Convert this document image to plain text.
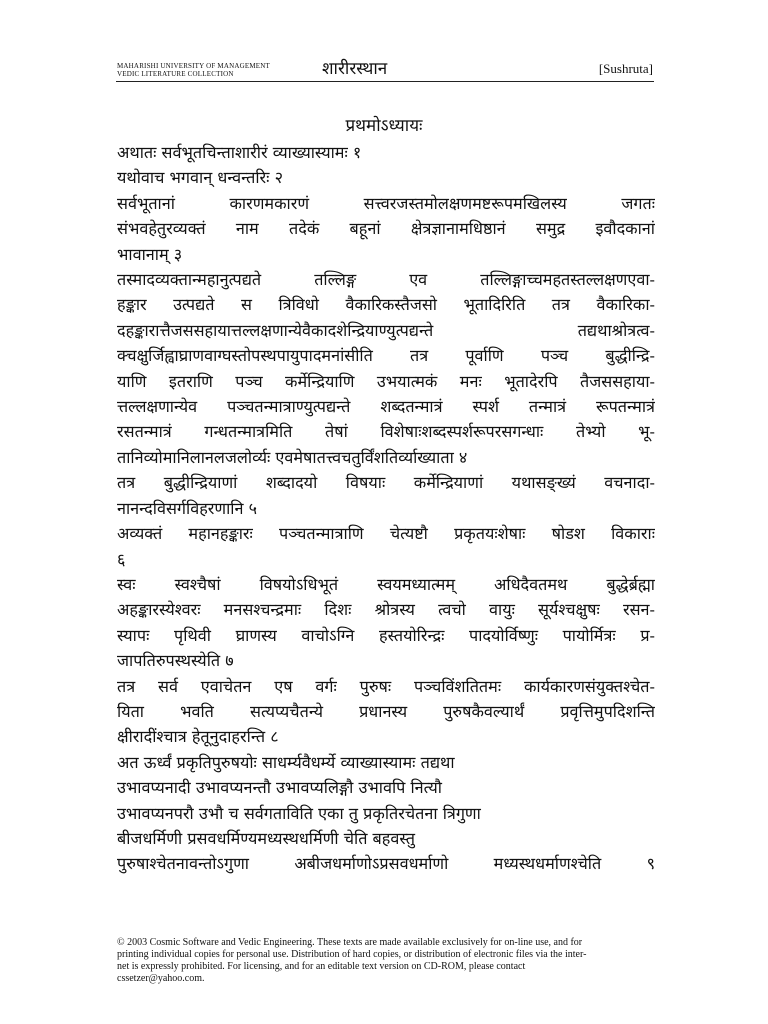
MAHARISHI UNIVERSITY OF MANAGEMENT
VEDIC LITERATURE COLLECTION	शारीरस्थान	[Sushruta]
प्रथमोऽध्यायः
अथातः सर्वभूतचिन्ताशारीरं व्याख्यास्यामः १
यथोवाच भगवान् धन्वन्तरिः २
सर्वभूतानां कारणमकारणं सत्त्वरजस्तमोलक्षणमष्टरूपमखिलस्य जगतः
संभवहेतुरव्यक्तं नाम तदेकं बहूनां क्षेत्रज्ञानामधिष्ठानं समुद्र इवौदकानां
भावानाम् ३
तस्मादव्यक्तान्महानुत्पद्यते तल्लिङ्ग एव तल्लिङ्गाच्चमहतस्तल्लक्षणएवा-
हङ्कार उत्पद्यते स त्रिविधो वैकारिकस्तैजसो भूतादिरिति तत्र वैकारिका-
दहङ्कारात्तैजससहायात्तल्लक्षणान्येवैकादशेन्द्रियाण्युत्पद्यन्ते तद्यथाश्रोत्रत्व-
क्चक्षुर्जिह्वाघ्राणवाग्घस्तोपस्थपायुपादमनांसीति तत्र पूर्वाणि पञ्च बुद्धीन्द्रि-
याणि इतराणि पञ्च कर्मेन्द्रियाणि उभयात्मकं मनः भूतादेरपि तैजससहाया-
त्तल्लक्षणान्येव पञ्चतन्मात्राण्युत्पद्यन्ते शब्दतन्मात्रं स्पर्श तन्मात्रं रूपतन्मात्रं
रसतन्मात्रं गन्धतन्मात्रमिति तेषां विशेषाःशब्दस्पर्शरूपरसगन्धाः तेभ्यो भू-
तानिव्योमानिलानलजलोर्व्यः एवमेषातत्त्वचतुर्विंशतिर्व्याख्याता ४
तत्र बुद्धीन्द्रियाणां शब्दादयो विषयाः कर्मेन्द्रियाणां यथासङ्ख्यं वचनादा-
नानन्दविसर्गविहरणानि ५
अव्यक्तं महानहङ्कारः पञ्चतन्मात्राणि चेत्यष्टौ प्रकृतयःशेषाः षोडश विकाराः
६
स्वः स्वश्चैषां विषयोऽधिभूतं स्वयमध्यात्मम् अधिदैवतमथ बुद्धेर्ब्रह्मा
अहङ्कारस्येश्वरः मनसश्चन्द्रमाः दिशः श्रोत्रस्य त्वचो वायुः सूर्यश्चक्षुषः रसन-
स्यापः पृथिवी घ्राणस्य वाचोऽग्नि हस्तयोरिन्द्रः पादयोर्विष्णुः पायोर्मित्रः प्र-
जापतिरुपस्थस्येति ७
तत्र सर्व एवाचेतन एष वर्गः पुरुषः पञ्चविंशतितमः कार्यकारणसंयुक्तश्चेत-
यिता भवति सत्यप्यचैतन्ये प्रधानस्य पुरुषकैवल्यार्थं प्रवृत्तिमुपदिशन्ति
क्षीरादींश्चात्र हेतूनुदाहरन्ति ८
अत ऊर्ध्वं प्रकृतिपुरुषयोः साधर्म्यवैधर्म्ये व्याख्यास्यामः तद्यथा
उभावप्यनादी उभावप्यनन्तौ उभावप्यलिङ्गौ उभावपि नित्यौ
उभावप्यनपरौ उभौ च सर्वगताविति एका तु प्रकृतिरचेतना त्रिगुणा
बीजधर्मिणी प्रसवधर्मिण्यमध्यस्थधर्मिणी चेति बहवस्तु
पुरुषाश्चेतनावन्तोऽगुणा अबीजधर्माणोऽप्रसवधर्माणो मध्यस्थधर्माणश्चेति ९
© 2003 Cosmic Software and Vedic Engineering. These texts are made available exclusively for on-line use, and for
printing individual copies for personal use. Distribution of hard copies, or distribution of electronic files via the inter-
net is expressly prohibited. For licensing, and for an editable text version on CD-ROM, please contact
cssetzer@yahoo.com.
